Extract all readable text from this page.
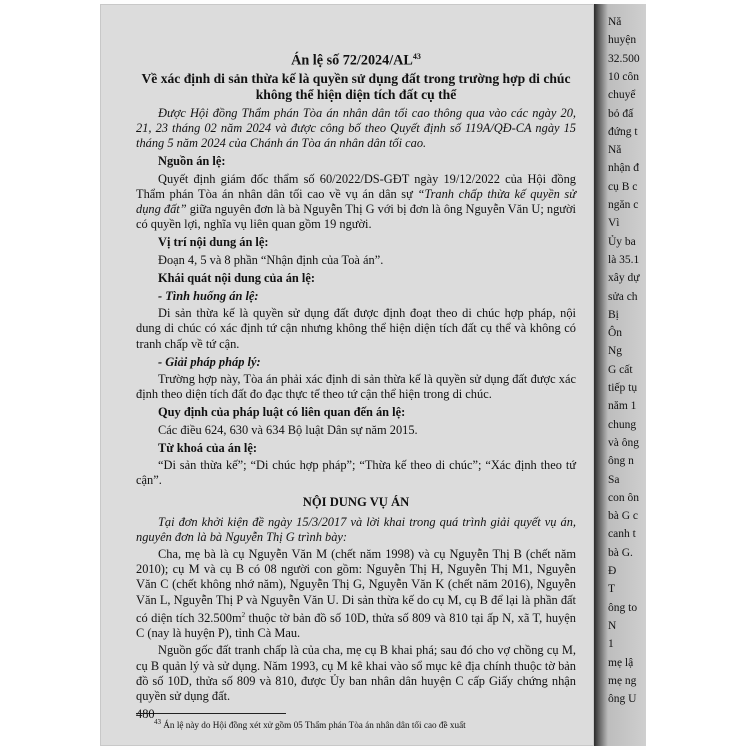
Án lệ số 72/2024/AL$^{43}$
Về xác định di sản thừa kế là quyền sử dụng đất trong trường hợp di chúc không thể hiện diện tích đất cụ thể
Được Hội đồng Thẩm phán Tòa án nhân dân tối cao thông qua vào các ngày 20, 21, 23 tháng 02 năm 2024 và được công bố theo Quyết định số 119A/QĐ-CA ngày 15 tháng 5 năm 2024 của Chánh án Tòa án nhân dân tối cao.
Nguồn án lệ:
Quyết định giám đốc thẩm số 60/2022/DS-GĐT ngày 19/12/2022 của Hội đồng Thẩm phán Tòa án nhân dân tối cao về vụ án dân sự “Tranh chấp thừa kế quyền sử dụng đất” giữa nguyên đơn là bà Nguyễn Thị G với bị đơn là ông Nguyễn Văn U; người có quyền lợi, nghĩa vụ liên quan gồm 19 người.
Vị trí nội dung án lệ:
Đoạn 4, 5 và 8 phần “Nhận định của Toà án”.
Khái quát nội dung của án lệ:
- Tình huống án lệ:
Di sản thừa kế là quyền sử dụng đất được định đoạt theo di chúc hợp pháp, nội dung di chúc có xác định tứ cận nhưng không thể hiện diện tích đất cụ thể và không có tranh chấp về tứ cận.
- Giải pháp pháp lý:
Trường hợp này, Tòa án phải xác định di sản thừa kế là quyền sử dụng đất được xác định theo diện tích đất đo đạc thực tế theo tứ cận thể hiện trong di chúc.
Quy định của pháp luật có liên quan đến án lệ:
Các điều 624, 630 và 634 Bộ luật Dân sự năm 2015.
Từ khoá của án lệ:
“Di sản thừa kế”; “Di chúc hợp pháp”; “Thừa kế theo di chúc”; “Xác định theo tứ cận”.
NỘI DUNG VỤ ÁN
Tại đơn khởi kiện đề ngày 15/3/2017 và lời khai trong quá trình giải quyết vụ án, nguyên đơn là bà Nguyễn Thị G trình bày:
Cha, mẹ bà là cụ Nguyễn Văn M (chết năm 1998) và cụ Nguyễn Thị B (chết năm 2010); cụ M và cụ B có 08 người con gồm: Nguyễn Thị H, Nguyễn Thị M1, Nguyễn Văn C (chết không nhớ năm), Nguyễn Thị G, Nguyễn Văn K (chết năm 2016), Nguyễn Văn L, Nguyễn Thị P và Nguyễn Văn U. Di sản thừa kế do cụ M, cụ B để lại là phần đất có diện tích $32.500m^2$ thuộc tờ bản đồ số 10D, thửa số 809 và 810 tại ấp N, xã T, huyện C (nay là huyện P), tỉnh Cà Mau.
Nguồn gốc đất tranh chấp là của cha, mẹ cụ B khai phá; sau đó cho vợ chồng cụ M, cụ B quản lý và sử dụng. Năm 1993, cụ M kê khai vào sổ mục kê địa chính thuộc tờ bản đồ số 10D, thửa số 809 và 810, được Ủy ban nhân dân huyện C cấp Giấy chứng nhận quyền sử dụng đất.
$^{43}$ Án lệ này do Hội đồng xét xử gồm 05 Thẩm phán Tòa án nhân dân tối cao đề xuất
480
Nă
huyện
32.500
10 côn
chuyể
bỏ đấ
đứng t
Nă
nhận đ
cụ B c
ngăn c
Vì
Ủy ba
là 35.1
xây dự
sửa ch
Bị
Ôn
Ng
G cất
tiếp tụ
năm 1
chung
và ông
ông n
Sa
con ôn
bà G c
canh t
bà G.
Đ
T
ông to
N
1
mẹ lậ
mẹ ng
ông U
